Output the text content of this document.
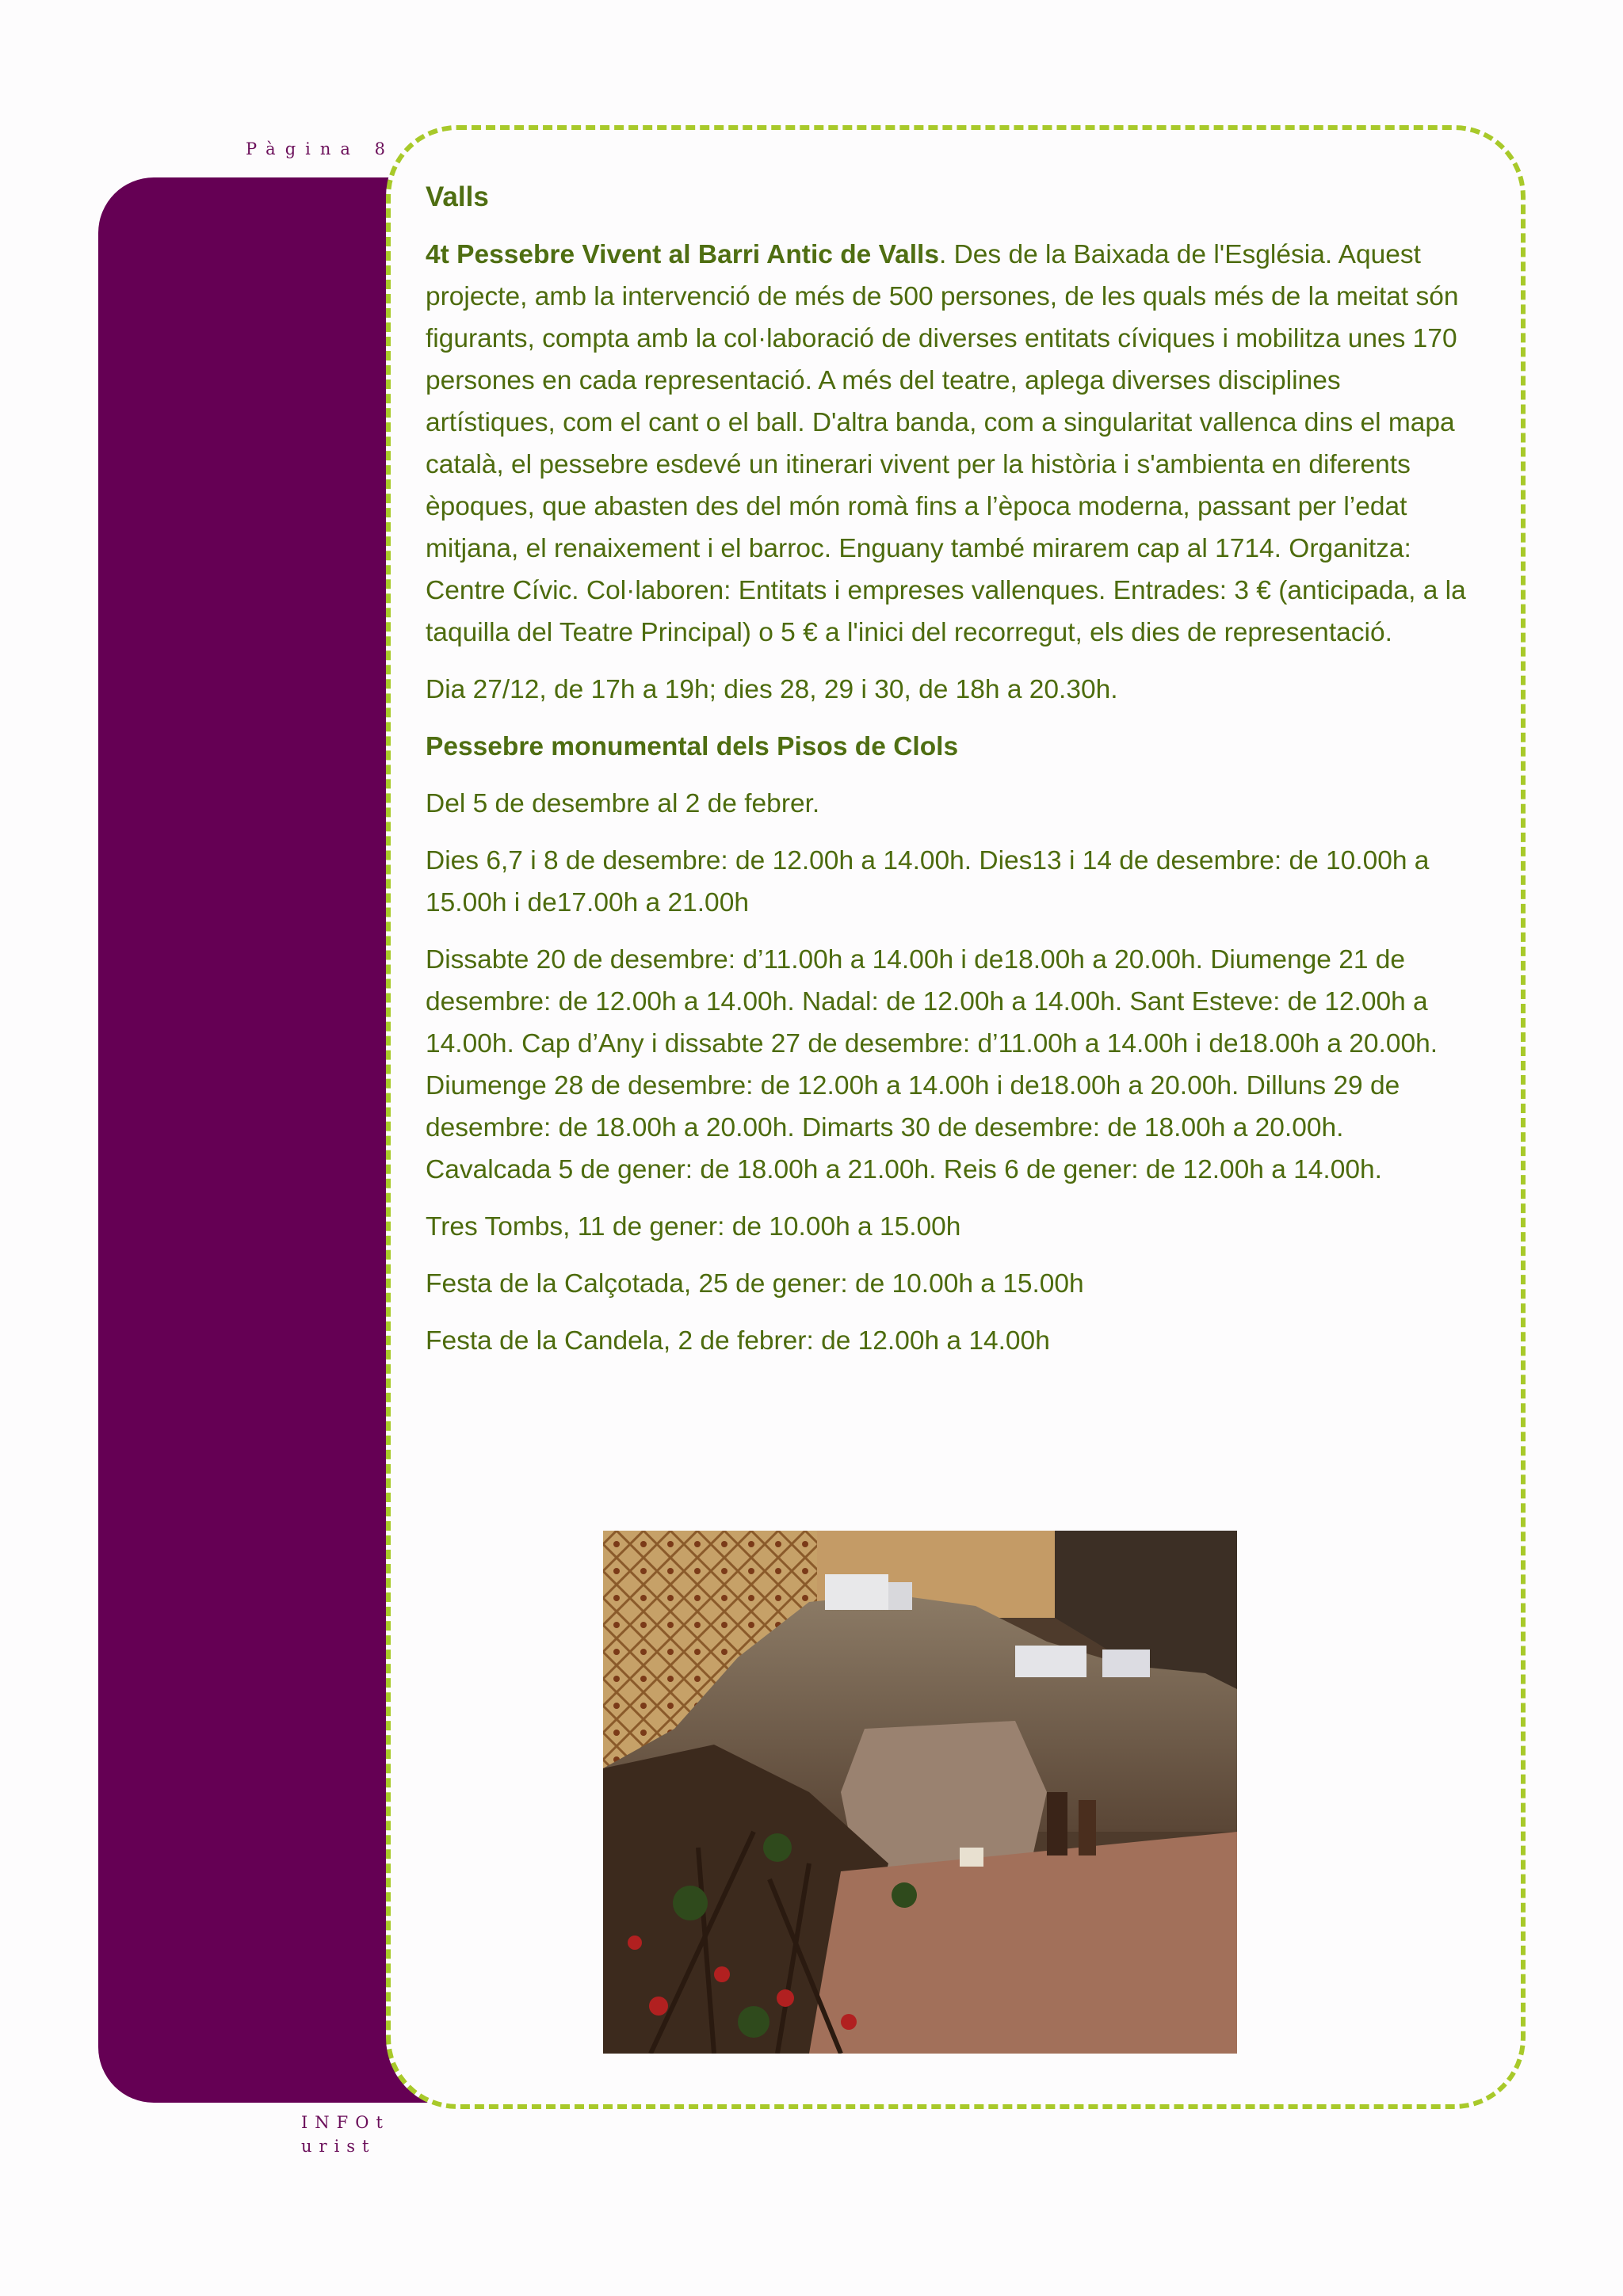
Pàgina 8

Valls

4t Pessebre Vivent al Barri Antic de Valls. Des de la Baixada de l'Església. Aquest projecte, amb la intervenció de més de 500 persones, de les quals més de la meitat són figurants, compta amb la col·laboració de diverses entitats cíviques i mobilitza unes 170 persones en cada representació. A més del teatre, aplega diverses disciplines artístiques, com el cant o el ball. D'altra banda, com a singularitat vallenca dins el mapa català, el pessebre esdevé un itinerari vivent per la història i s'ambienta en diferents èpoques, que abasten des del món romà fins a l’època moderna, passant per l’edat mitjana, el renaixement i el barroc. Enguany també mirarem cap al 1714. Organitza: Centre Cívic. Col·laboren: Entitats i empreses vallenques. Entrades: 3 € (anticipada, a la taquilla del Teatre Principal) o 5 € a l'inici del recorregut, els dies de representació.

Dia 27/12, de 17h a 19h; dies 28, 29 i 30, de 18h a 20.30h.

Pessebre monumental dels Pisos de Clols

Del 5 de desembre al 2 de febrer.

Dies 6,7 i 8 de desembre: de 12.00h a 14.00h. Dies13 i 14 de desembre: de 10.00h a 15.00h i de17.00h a 21.00h

Dissabte 20 de desembre: d’11.00h a 14.00h i de18.00h a 20.00h. Diumenge 21 de desembre: de 12.00h a 14.00h. Nadal: de 12.00h a 14.00h. Sant Esteve: de 12.00h a 14.00h. Cap d’Any i dissabte 27 de desembre: d’11.00h a 14.00h i de18.00h a 20.00h. Diumenge 28 de desembre: de 12.00h a 14.00h i de18.00h a 20.00h. Dilluns 29 de desembre: de 18.00h a 20.00h. Dimarts 30 de desembre: de 18.00h a 20.00h. Cavalcada 5 de gener: de 18.00h a 21.00h. Reis 6 de gener: de 12.00h a 14.00h.

Tres Tombs, 11 de gener: de 10.00h a 15.00h

Festa de la Calçotada, 25 de gener: de 10.00h a 15.00h

Festa de la Candela, 2 de febrer: de 12.00h a 14.00h

INFOt
urist
